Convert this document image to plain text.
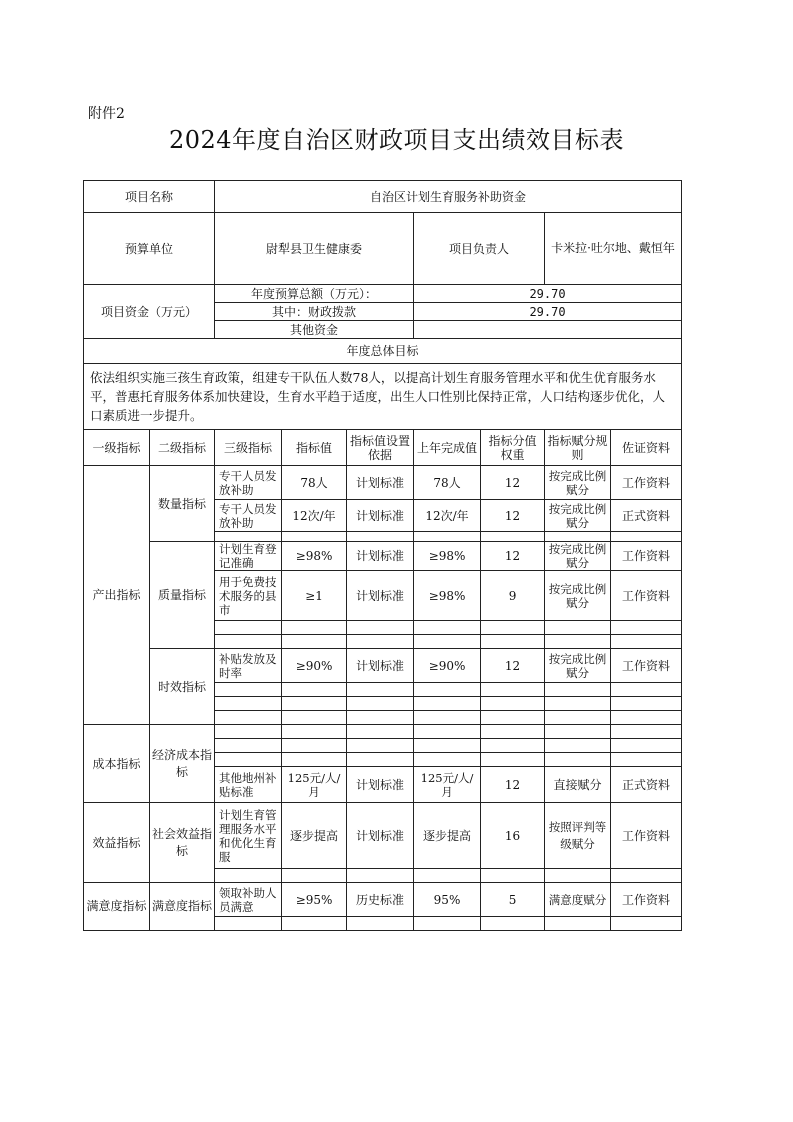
附件2
2024年度自治区财政项目支出绩效目标表
项目名称		自治区计划生育服务补助资金						
预算单位		尉犁县卫生健康委			项目负责人		卡米拉·吐尔地、戴恒年	
项目资金（万元）		年度预算总额（万元）：			29.70			
		其中：财政拨款			29.70			
		其他资金						
年度总体目标								
依法组织实施三孩生育政策，组建专干队伍人数78人，以提高计划生育服务管理水平和优生优育服务水平，普惠托育服务体系加快建设，生育水平趋于适度，出生人口性别比保持正常，人口结构逐步优化，人口素质进一步提升。								
一级指标	二级指标	三级指标	指标值	指标值设置依据	上年完成值	指标分值权重	指标赋分规则	佐证资料
产出指标	数量指标	专干人员发放补助	78人	计划标准	78人	12	按完成比例赋分	工作资料
		专干人员发放补助	12次/年	计划标准	12次/年	12	按完成比例赋分	正式资料

	质量指标	计划生育登记准确	≥98%	计划标准	≥98%	12	按完成比例赋分	工作资料
		用于免费技术服务的县市	≥1	计划标准	≥98%	9	按完成比例赋分	工作资料

	时效指标	补贴发放及时率	≥90%	计划标准	≥90%	12	按完成比例赋分	工作资料

成本指标	经济成本指标							

		其他地州补贴标准	125元/人/月	计划标准	125元/人/月	12	直接赋分	正式资料
效益指标	社会效益指标	计划生育管理服务水平和优化生育服	逐步提高	计划标准	逐步提高	16	按照评判等级赋分	工作资料

满意度指标	满意度指标	领取补助人员满意	≥95%	历史标准	95%	5	满意度赋分	工作资料
